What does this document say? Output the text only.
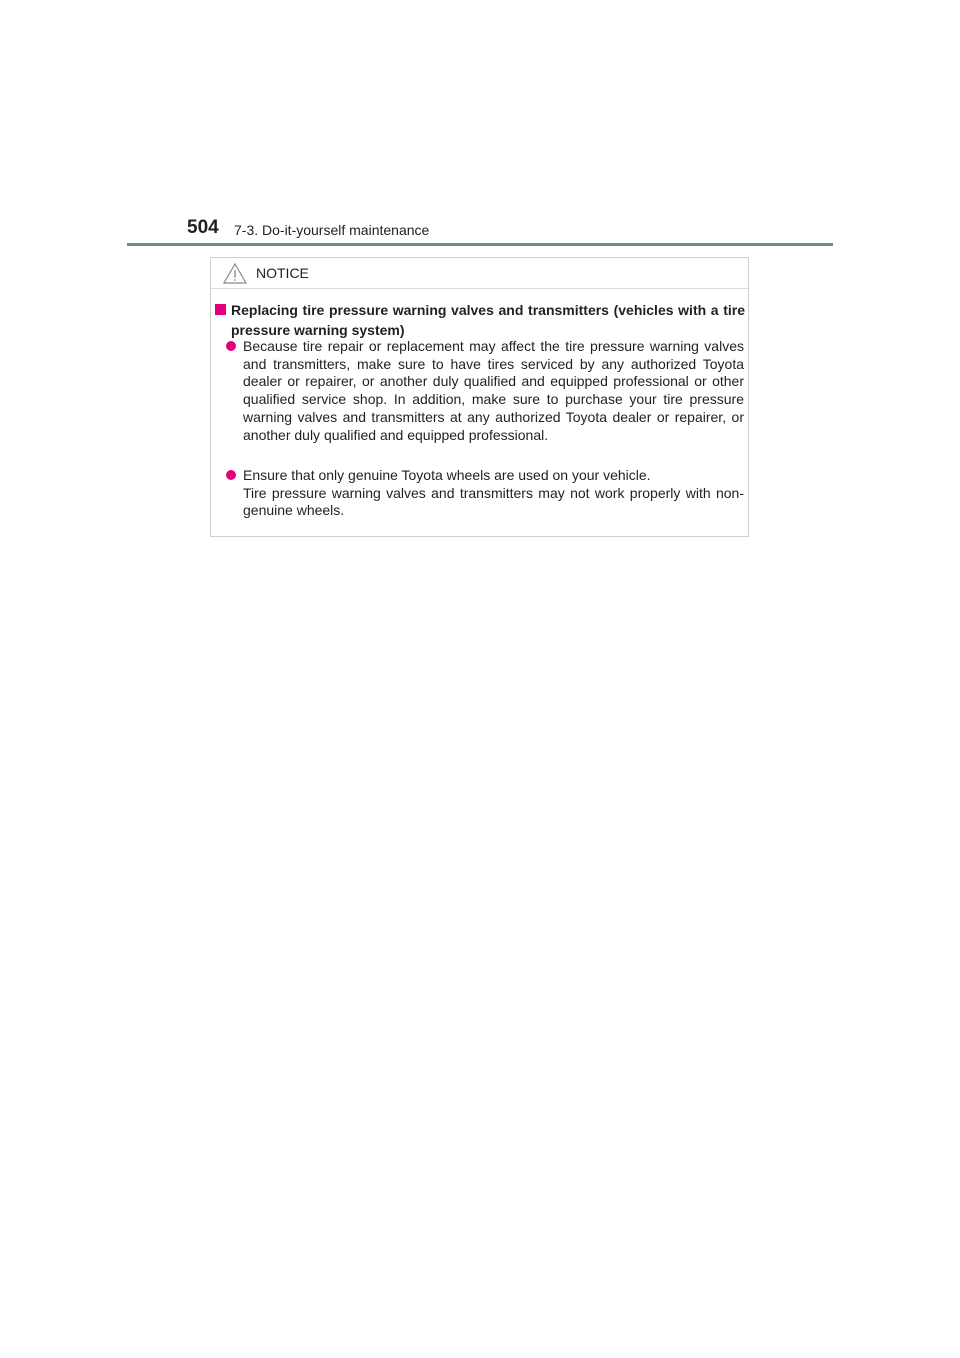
504 7-3. Do-it-yourself maintenance
NOTICE
Replacing tire pressure warning valves and transmitters (vehicles with a tire pressure warning system)
Because tire repair or replacement may affect the tire pressure warning valves and transmitters, make sure to have tires serviced by any authorized Toyota dealer or repairer, or another duly qualified and equipped professional or other qualified service shop. In addition, make sure to purchase your tire pressure warning valves and transmitters at any authorized Toyota dealer or repairer, or another duly qualified and equipped professional.
Ensure that only genuine Toyota wheels are used on your vehicle.
Tire pressure warning valves and transmitters may not work properly with non-genuine wheels.
